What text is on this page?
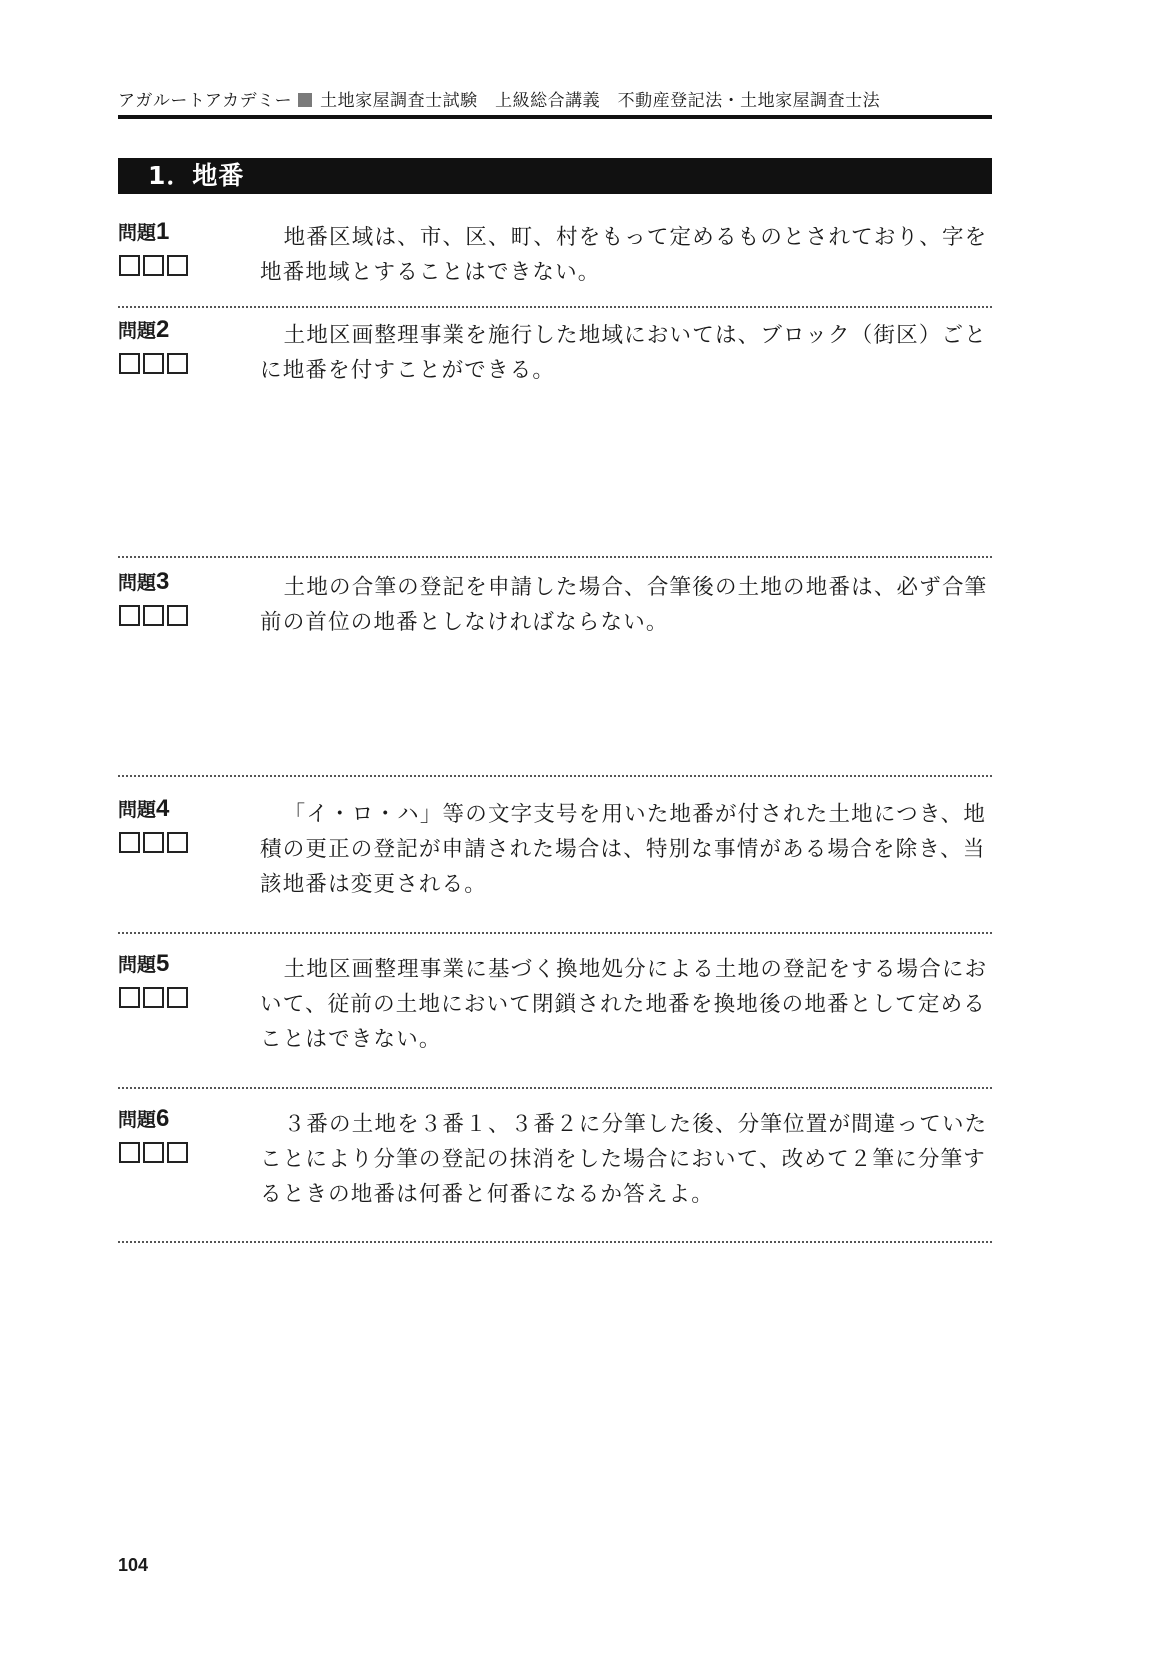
アガルートアカデミー 土地家屋調査士試験　上級総合講義　不動産登記法・土地家屋調査士法
1．地番
問題1	地番区域は、市、区、町、村をもって定めるものとされており、字を地番地域とすることはできない。
問題2	土地区画整理事業を施行した地域においては、ブロック（街区）ごとに地番を付すことができる。
問題3	土地の合筆の登記を申請した場合、合筆後の土地の地番は、必ず合筆前の首位の地番としなければならない。
問題4	「イ・ロ・ハ」等の文字支号を用いた地番が付された土地につき、地積の更正の登記が申請された場合は、特別な事情がある場合を除き、当該地番は変更される。
問題5	土地区画整理事業に基づく換地処分による土地の登記をする場合において、従前の土地において閉鎖された地番を換地後の地番として定めることはできない。
問題6	３番の土地を３番１、３番２に分筆した後、分筆位置が間違っていたことにより分筆の登記の抹消をした場合において、改めて２筆に分筆するときの地番は何番と何番になるか答えよ。
104
